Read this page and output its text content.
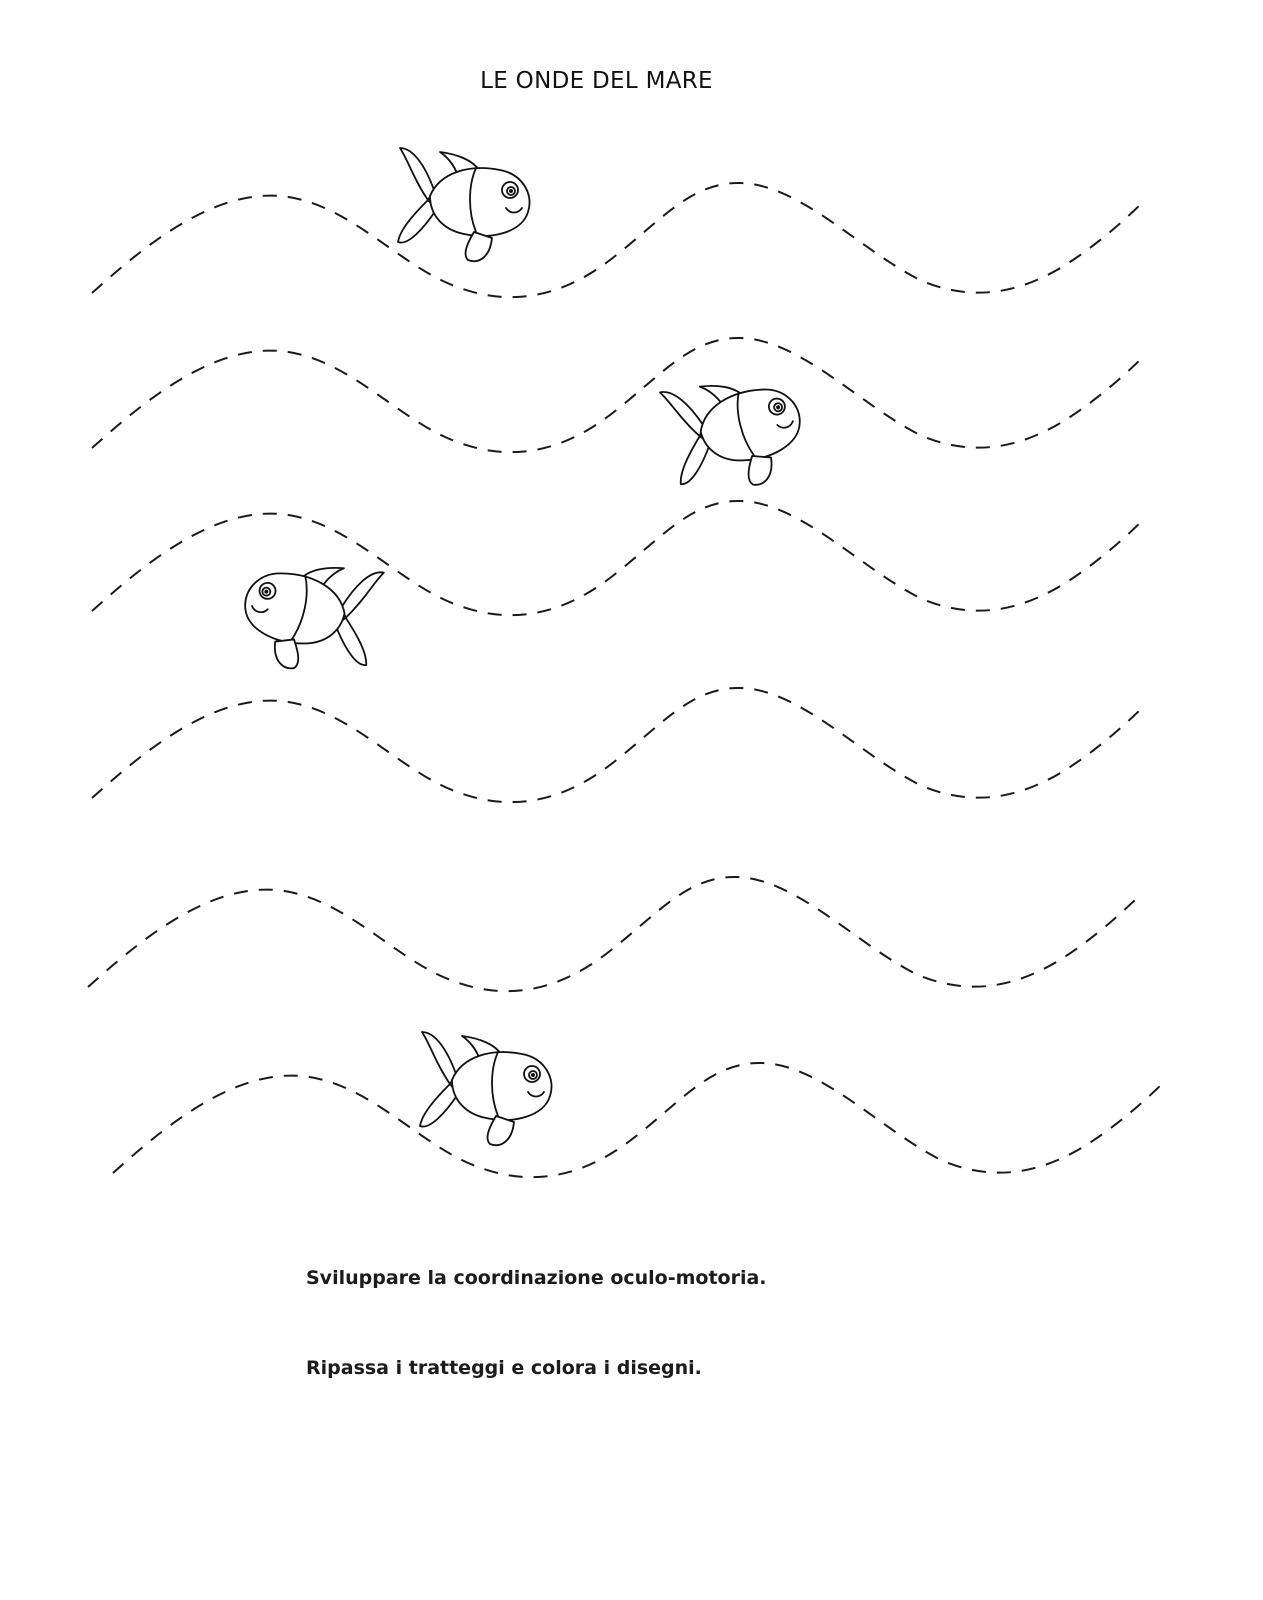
LE ONDE DEL MARE

Sviluppare la coordinazione oculo-motoria.

Ripassa i tratteggi e colora i disegni.
